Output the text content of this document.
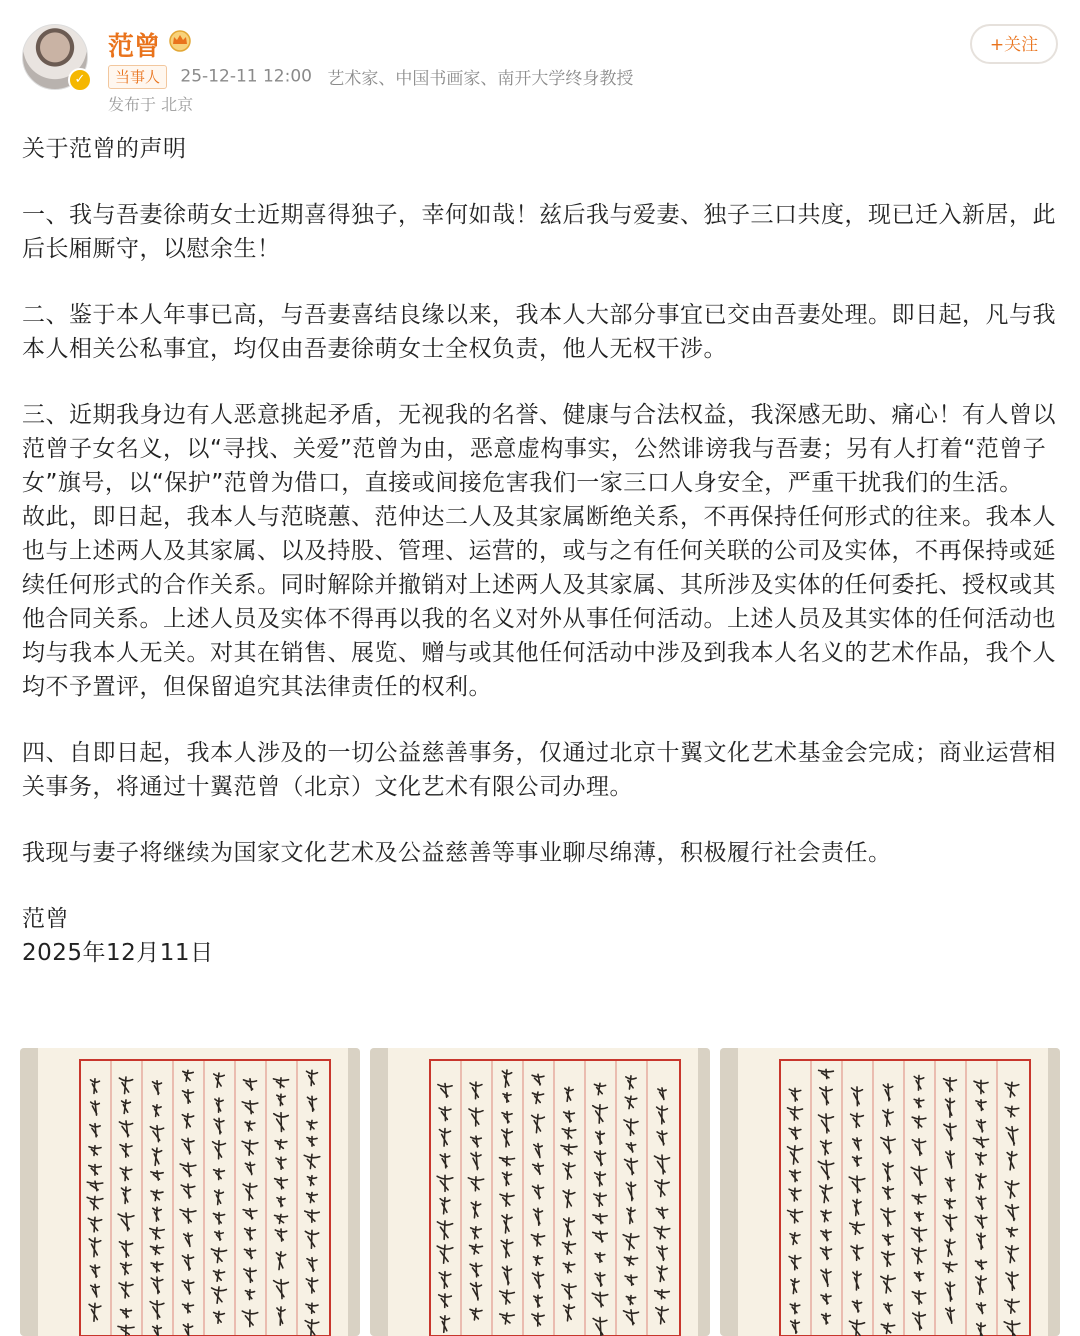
✓
范曾
当事人 25-12-11 12:00 艺术家、中国书画家、南开大学终身教授
发布于 北京
+关注

关于范曾的声明

一、我与吾妻徐萌女士近期喜得独子，幸何如哉！兹后我与爱妻、独子三口共度，现已迁入新居，此后长厢厮守，以慰余生！

二、鉴于本人年事已高，与吾妻喜结良缘以来，我本人大部分事宜已交由吾妻处理。即日起，凡与我本人相关公私事宜，均仅由吾妻徐萌女士全权负责，他人无权干涉。

三、近期我身边有人恶意挑起矛盾，无视我的名誉、健康与合法权益，我深感无助、痛心！有人曾以范曾子女名义，以“寻找、关爱”范曾为由，恶意虚构事实，公然诽谤我与吾妻；另有人打着“范曾子女”旗号，以“保护”范曾为借口，直接或间接危害我们一家三口人身安全，严重干扰我们的生活。

故此，即日起，我本人与范晓蕙、范仲达二人及其家属断绝关系，不再保持任何形式的往来。我本人也与上述两人及其家属、以及持股、管理、运营的，或与之有任何关联的公司及实体，不再保持或延续任何形式的合作关系。同时解除并撤销对上述两人及其家属、其所涉及实体的任何委托、授权或其他合同关系。上述人员及实体不得再以我的名义对外从事任何活动。上述人员及其实体的任何活动也均与我本人无关。对其在销售、展览、赠与或其他任何活动中涉及到我本人名义的艺术作品，我个人均不予置评，但保留追究其法律责任的权利。

四、自即日起，我本人涉及的一切公益慈善事务，仅通过北京十翼文化艺术基金会完成；商业运营相关事务，将通过十翼范曾（北京）文化艺术有限公司办理。

我现与妻子将继续为国家文化艺术及公益慈善等事业聊尽绵薄，积极履行社会责任。

范曾

2025年12月11日
